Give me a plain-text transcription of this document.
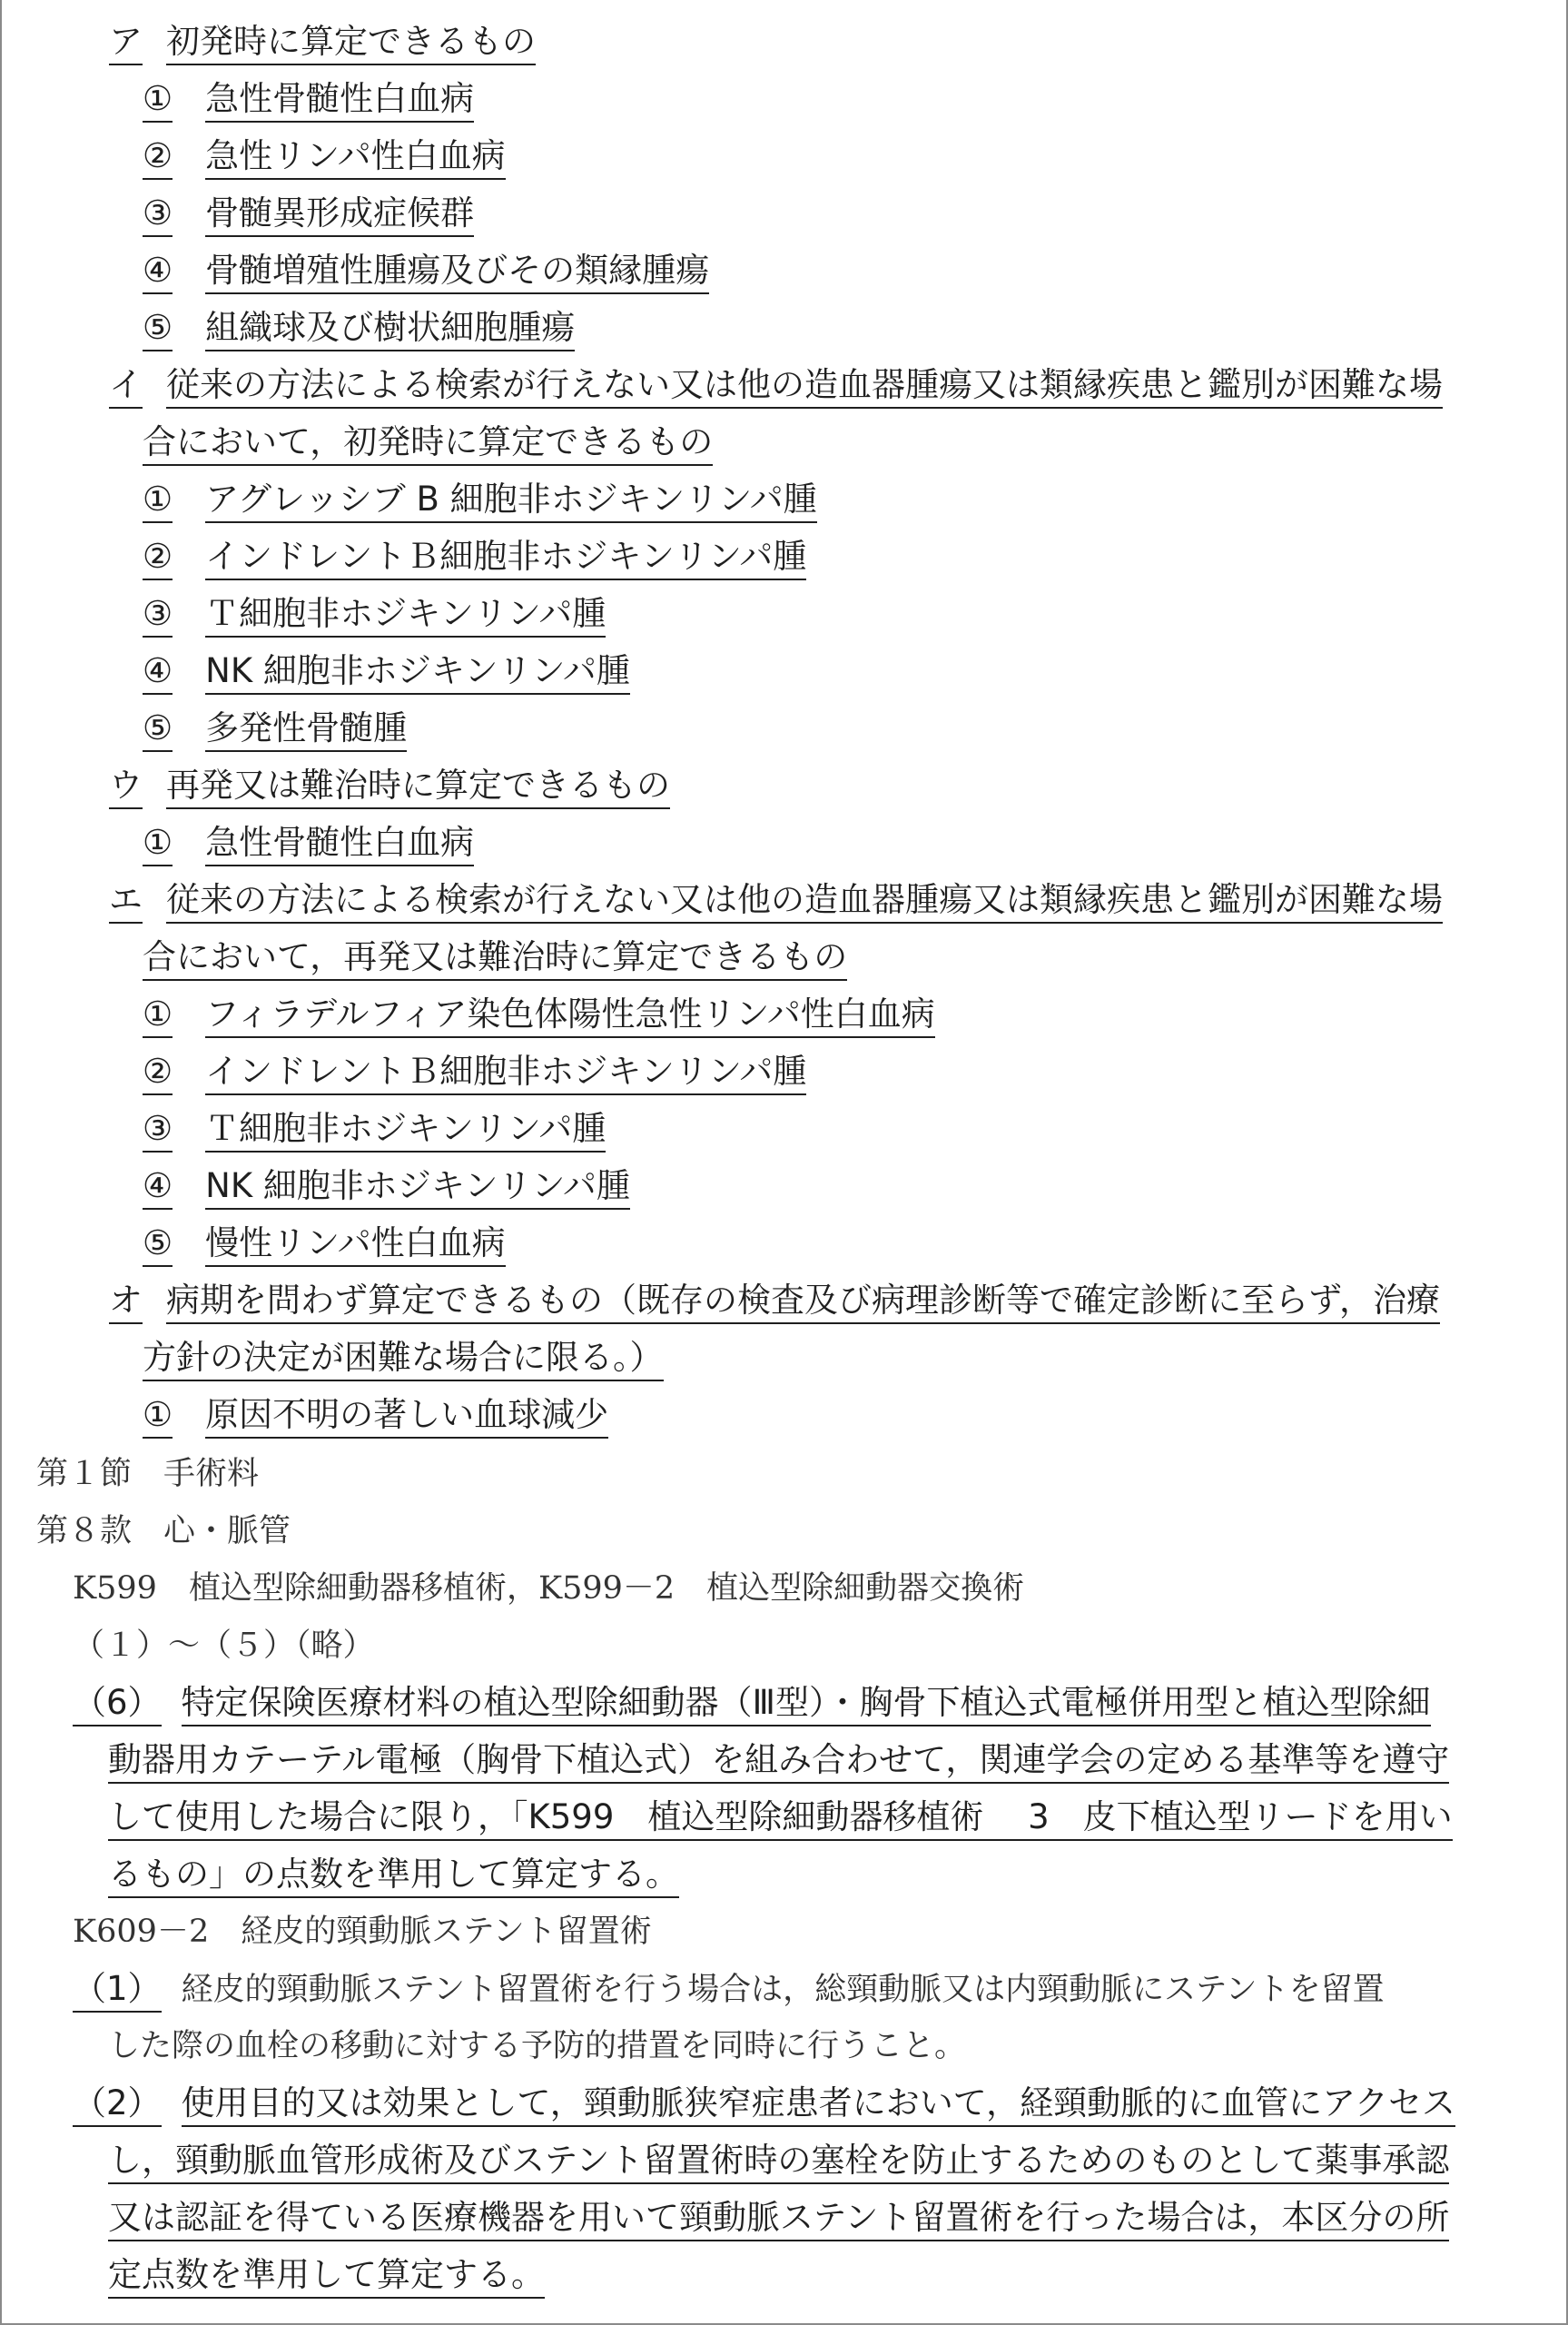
ア 初発時に算定できるもの
① 急性骨髄性白血病
② 急性リンパ性白血病
③ 骨髄異形成症候群
④ 骨髄増殖性腫瘍及びその類縁腫瘍
⑤ 組織球及び樹状細胞腫瘍
イ 従来の方法による検索が行えない又は他の造血器腫瘍又は類縁疾患と鑑別が困難な場
合において，初発時に算定できるもの
① アグレッシブ B 細胞非ホジキンリンパ腫
② インドレントＢ細胞非ホジキンリンパ腫
③ Ｔ細胞非ホジキンリンパ腫
④ NK 細胞非ホジキンリンパ腫
⑤ 多発性骨髄腫
ウ 再発又は難治時に算定できるもの
① 急性骨髄性白血病
エ 従来の方法による検索が行えない又は他の造血器腫瘍又は類縁疾患と鑑別が困難な場
合において，再発又は難治時に算定できるもの
① フィラデルフィア染色体陽性急性リンパ性白血病
② インドレントＢ細胞非ホジキンリンパ腫
③ Ｔ細胞非ホジキンリンパ腫
④ NK 細胞非ホジキンリンパ腫
⑤ 慢性リンパ性白血病
オ 病期を問わず算定できるもの（既存の検査及び病理診断等で確定診断に至らず，治療
方針の決定が困難な場合に限る。）
① 原因不明の著しい血球減少
第１節　手術料
第８款　心・脈管
K599　植込型除細動器移植術，K599－2　植込型除細動器交換術
（１）～（５）（略）
（6） 特定保険医療材料の植込型除細動器（Ⅲ型）・胸骨下植込式電極併用型と植込型除細
動器用カテーテル電極（胸骨下植込式）を組み合わせて，関連学会の定める基準等を遵守
して使用した場合に限り，「K599　植込型除細動器移植術　 3　皮下植込型リードを用い
るもの」の点数を準用して算定する。
K609－2　経皮的頸動脈ステント留置術
（1） 経皮的頸動脈ステント留置術を行う場合は，総頸動脈又は内頸動脈にステントを留置
した際の血栓の移動に対する予防的措置を同時に行うこと。
（2） 使用目的又は効果として，頸動脈狭窄症患者において，経頸動脈的に血管にアクセス
し，頸動脈血管形成術及びステント留置術時の塞栓を防止するためのものとして薬事承認
又は認証を得ている医療機器を用いて頸動脈ステント留置術を行った場合は，本区分の所
定点数を準用して算定する。
